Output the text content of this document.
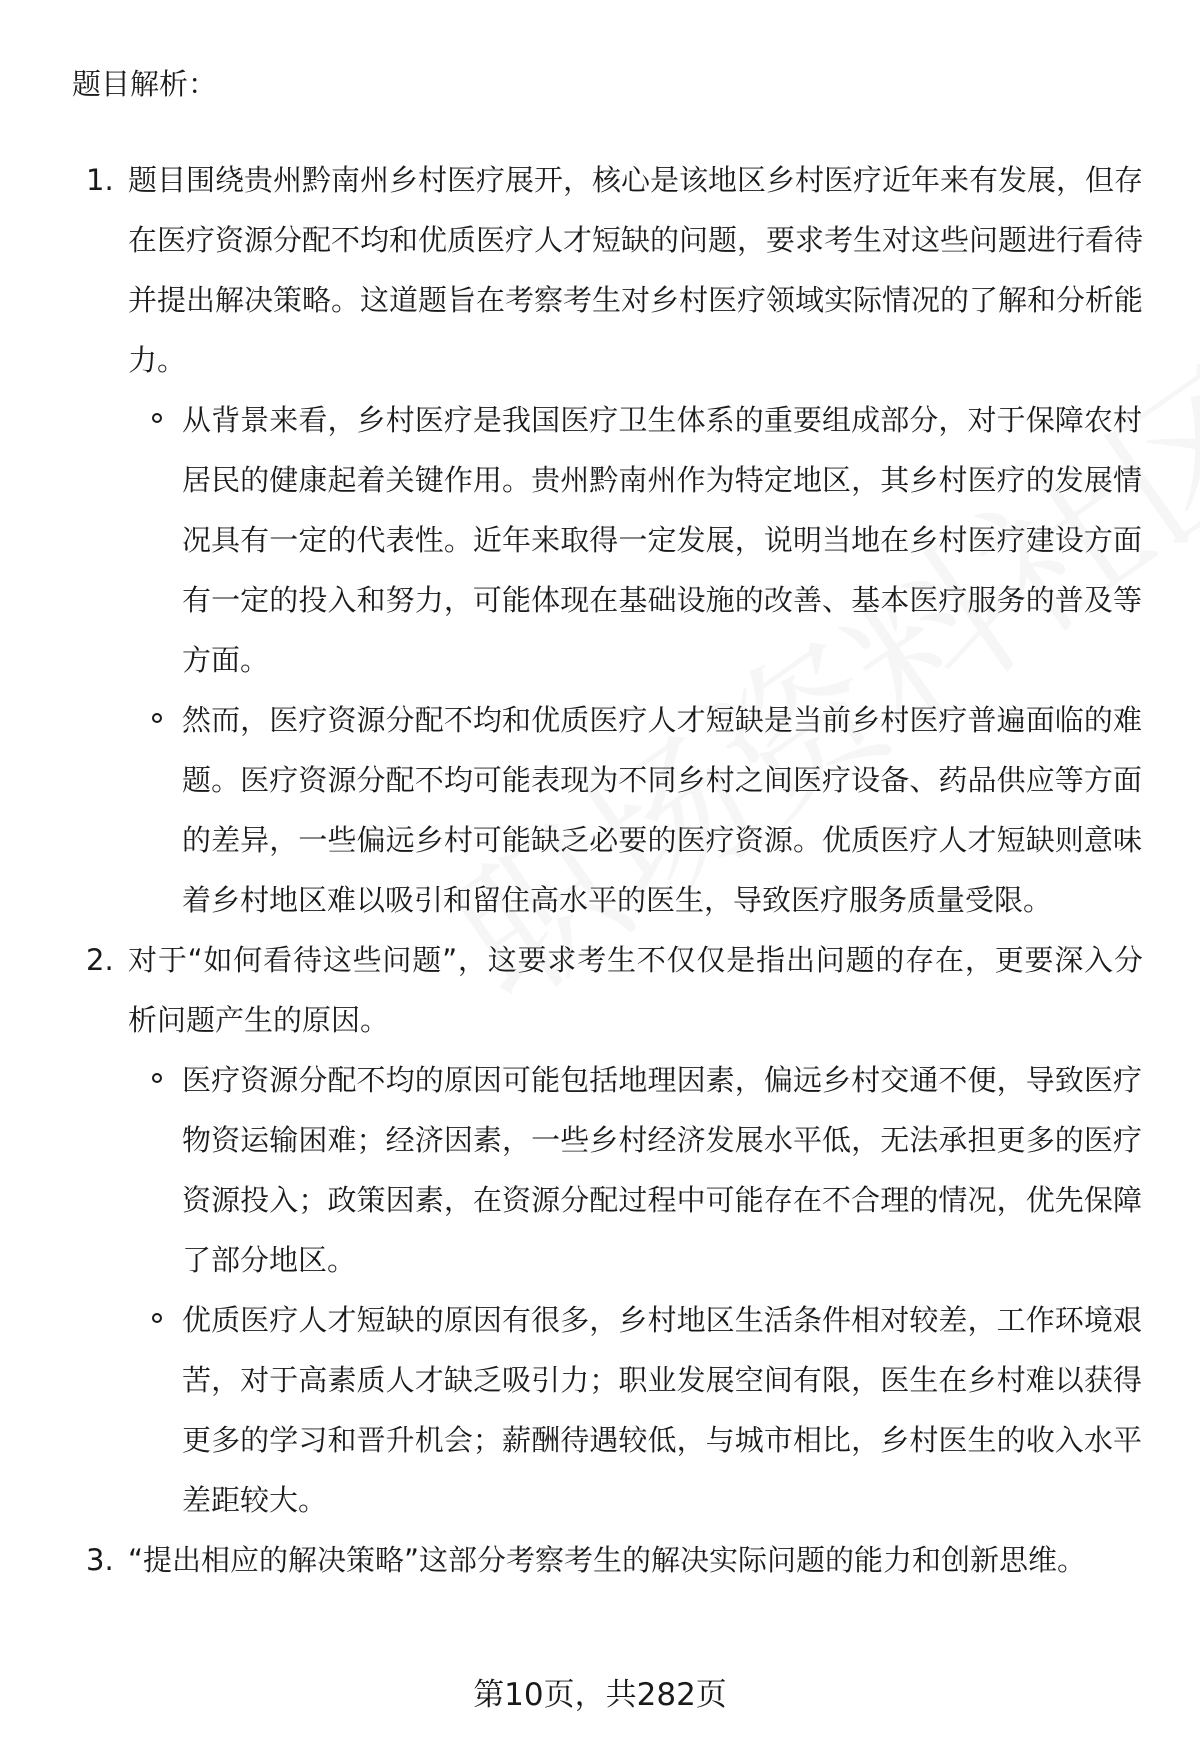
题目解析：

1. 题目围绕贵州黔南州乡村医疗展开，核心是该地区乡村医疗近年来有发展，但存在医疗资源分配不均和优质医疗人才短缺的问题，要求考生对这些问题进行看待并提出解决策略。这道题旨在考察考生对乡村医疗领域实际情况的了解和分析能力。

从背景来看，乡村医疗是我国医疗卫生体系的重要组成部分，对于保障农村居民的健康起着关键作用。贵州黔南州作为特定地区，其乡村医疗的发展情况具有一定的代表性。近年来取得一定发展，说明当地在乡村医疗建设方面有一定的投入和努力，可能体现在基础设施的改善、基本医疗服务的普及等方面。

然而，医疗资源分配不均和优质医疗人才短缺是当前乡村医疗普遍面临的难题。医疗资源分配不均可能表现为不同乡村之间医疗设备、药品供应等方面的差异，一些偏远乡村可能缺乏必要的医疗资源。优质医疗人才短缺则意味着乡村地区难以吸引和留住高水平的医生，导致医疗服务质量受限。

2. 对于“如何看待这些问题”，这要求考生不仅仅是指出问题的存在，更要深入分析问题产生的原因。

医疗资源分配不均的原因可能包括地理因素，偏远乡村交通不便，导致医疗物资运输困难；经济因素，一些乡村经济发展水平低，无法承担更多的医疗资源投入；政策因素，在资源分配过程中可能存在不合理的情况，优先保障了部分地区。

优质医疗人才短缺的原因有很多，乡村地区生活条件相对较差，工作环境艰苦，对于高素质人才缺乏吸引力；职业发展空间有限，医生在乡村难以获得更多的学习和晋升机会；薪酬待遇较低，与城市相比，乡村医生的收入水平差距较大。

3. “提出相应的解决策略”这部分考察考生的解决实际问题的能力和创新思维。

第10页，共282页
